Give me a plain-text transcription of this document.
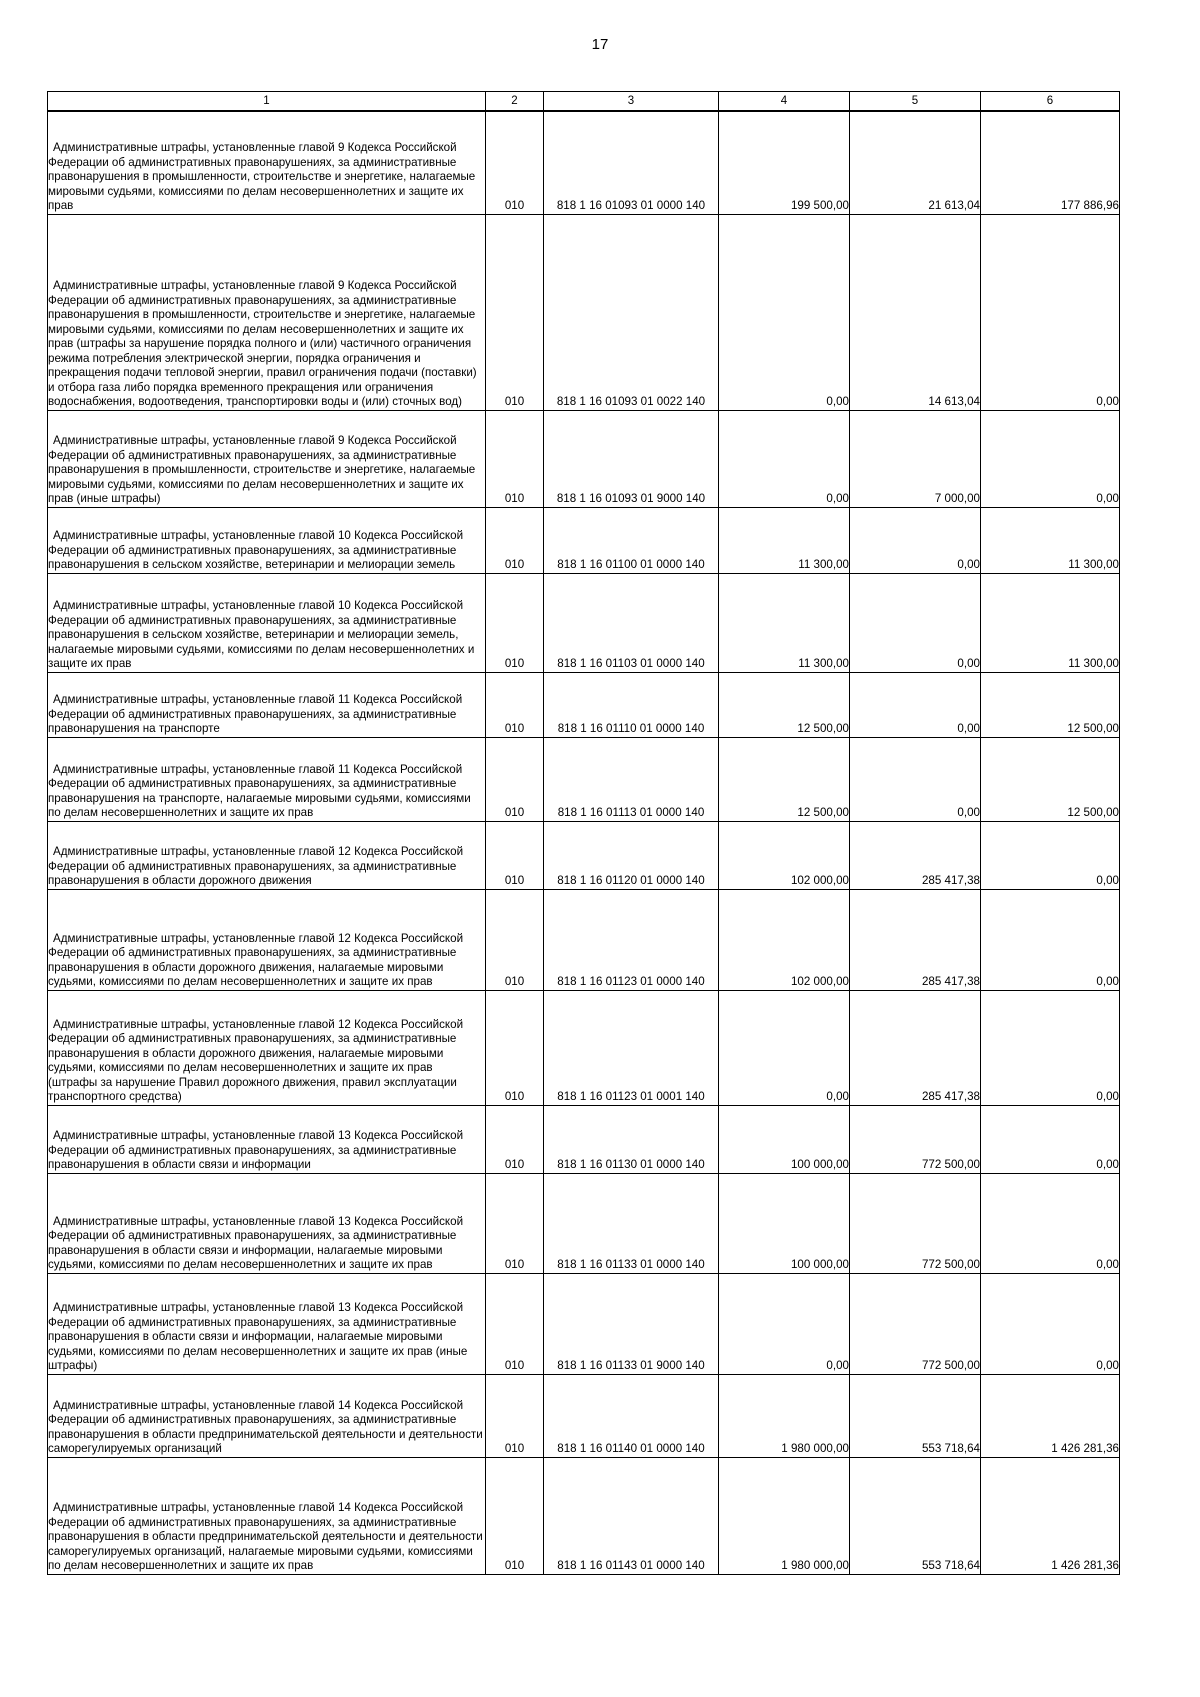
17
1	2	3	4	5	6
Административные штрафы, установленные главой 9 Кодекса Российской Федерации об административных правонарушениях, за административные правонарушения в промышленности, строительстве и энергетике, налагаемые мировыми судьями, комиссиями по делам несовершеннолетних и защите их прав	010	818 1 16 01093 01 0000 140	199 500,00	21 613,04	177 886,96
Административные штрафы, установленные главой 9 Кодекса Российской Федерации об административных правонарушениях, за административные правонарушения в промышленности, строительстве и энергетике, налагаемые мировыми судьями, комиссиями по делам несовершеннолетних и защите их прав (штрафы за нарушение порядка полного и (или) частичного ограничения режима потребления электрической энергии, порядка ограничения и прекращения подачи тепловой энергии, правил ограничения подачи (поставки) и отбора газа либо порядка временного прекращения или ограничения водоснабжения, водоотведения, транспортировки воды и (или) сточных вод)	010	818 1 16 01093 01 0022 140	0,00	14 613,04	0,00
Административные штрафы, установленные главой 9 Кодекса Российской Федерации об административных правонарушениях, за административные правонарушения в промышленности, строительстве и энергетике, налагаемые мировыми судьями, комиссиями по делам несовершеннолетних и защите их прав (иные штрафы)	010	818 1 16 01093 01 9000 140	0,00	7 000,00	0,00
Административные штрафы, установленные главой 10 Кодекса Российской Федерации об административных правонарушениях, за административные правонарушения в сельском хозяйстве, ветеринарии и мелиорации земель	010	818 1 16 01100 01 0000 140	11 300,00	0,00	11 300,00
Административные штрафы, установленные главой 10 Кодекса Российской Федерации об административных правонарушениях, за административные правонарушения в сельском хозяйстве, ветеринарии и мелиорации земель, налагаемые мировыми судьями, комиссиями по делам несовершеннолетних и защите их прав	010	818 1 16 01103 01 0000 140	11 300,00	0,00	11 300,00
Административные штрафы, установленные главой 11 Кодекса Российской Федерации об административных правонарушениях, за административные правонарушения на транспорте	010	818 1 16 01110 01 0000 140	12 500,00	0,00	12 500,00
Административные штрафы, установленные главой 11 Кодекса Российской Федерации об административных правонарушениях, за административные правонарушения на транспорте, налагаемые мировыми судьями, комиссиями по делам несовершеннолетних и защите их прав	010	818 1 16 01113 01 0000 140	12 500,00	0,00	12 500,00
Административные штрафы, установленные главой 12 Кодекса Российской Федерации об административных правонарушениях, за административные правонарушения в области дорожного движения	010	818 1 16 01120 01 0000 140	102 000,00	285 417,38	0,00
Административные штрафы, установленные главой 12 Кодекса Российской Федерации об административных правонарушениях, за административные правонарушения в области дорожного движения, налагаемые мировыми судьями, комиссиями по делам несовершеннолетних и защите их прав	010	818 1 16 01123 01 0000 140	102 000,00	285 417,38	0,00
Административные штрафы, установленные главой 12 Кодекса Российской Федерации об административных правонарушениях, за административные правонарушения в области дорожного движения, налагаемые мировыми судьями, комиссиями по делам несовершеннолетних и защите их прав (штрафы за нарушение Правил дорожного движения, правил эксплуатации транспортного средства)	010	818 1 16 01123 01 0001 140	0,00	285 417,38	0,00
Административные штрафы, установленные главой 13 Кодекса Российской Федерации об административных правонарушениях, за административные правонарушения в области связи и информации	010	818 1 16 01130 01 0000 140	100 000,00	772 500,00	0,00
Административные штрафы, установленные главой 13 Кодекса Российской Федерации об административных правонарушениях, за административные правонарушения в области связи и информации, налагаемые мировыми судьями, комиссиями по делам несовершеннолетних и защите их прав	010	818 1 16 01133 01 0000 140	100 000,00	772 500,00	0,00
Административные штрафы, установленные главой 13 Кодекса Российской Федерации об административных правонарушениях, за административные правонарушения в области связи и информации, налагаемые мировыми судьями, комиссиями по делам несовершеннолетних и защите их прав (иные штрафы)	010	818 1 16 01133 01 9000 140	0,00	772 500,00	0,00
Административные штрафы, установленные главой 14 Кодекса Российской Федерации об административных правонарушениях, за административные правонарушения в области предпринимательской деятельности и деятельности саморегулируемых организаций	010	818 1 16 01140 01 0000 140	1 980 000,00	553 718,64	1 426 281,36
Административные штрафы, установленные главой 14 Кодекса Российской Федерации об административных правонарушениях, за административные правонарушения в области предпринимательской деятельности и деятельности саморегулируемых организаций, налагаемые мировыми судьями, комиссиями по делам несовершеннолетних и защите их прав	010	818 1 16 01143 01 0000 140	1 980 000,00	553 718,64	1 426 281,36
